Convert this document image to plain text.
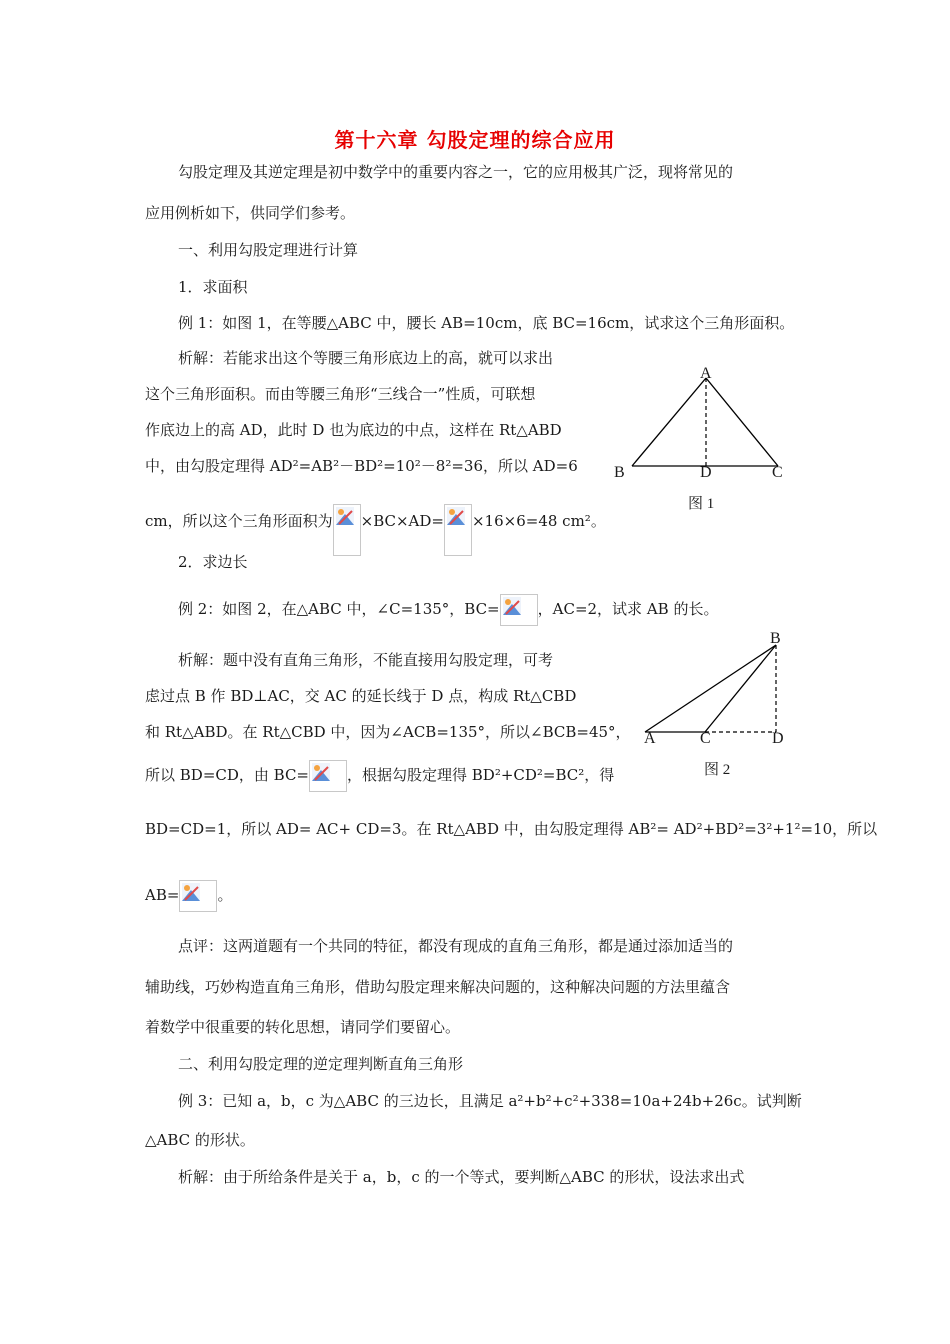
第十六章 勾股定理的综合应用
勾股定理及其逆定理是初中数学中的重要内容之一，它的应用极其广泛，现将常见的
应用例析如下，供同学们参考。
一、利用勾股定理进行计算
1．求面积
例 1：如图 1，在等腰△ABC 中，腰长 AB=10cm，底 BC=16cm，试求这个三角形面积。
析解：若能求出这个等腰三角形底边上的高，就可以求出
这个三角形面积。而由等腰三角形“三线合一”性质，可联想
作底边上的高 AD，此时 D 也为底边的中点，这样在 Rt△ABD
中，由勾股定理得 AD²=AB²－BD²=10²－8²=36，所以 AD=6
cm，所以这个三角形面积为 ×BC×AD= ×16×6=48 cm²。
A
B	D	C
图 1
2．求边长
例 2：如图 2，在△ABC 中，∠C=135°，BC=	，AC=2，试求 AB 的长。
析解：题中没有直角三角形，不能直接用勾股定理，可考
虑过点 B 作 BD⊥AC，交 AC 的延长线于 D 点，构成 Rt△CBD
和 Rt△ABD。在 Rt△CBD 中，因为∠ACB=135°，所以∠BCB=45°，
所以 BD=CD，由 BC=	，根据勾股定理得 BD²+CD²=BC²，得
B
A	C	D
图 2
BD=CD=1，所以 AD= AC+ CD=3。在 Rt△ABD 中，由勾股定理得 AB²= AD²+BD²=3²+1²=10，所以
AB=	。
点评：这两道题有一个共同的特征，都没有现成的直角三角形，都是通过添加适当的
辅助线，巧妙构造直角三角形，借助勾股定理来解决问题的，这种解决问题的方法里蕴含
着数学中很重要的转化思想，请同学们要留心。
二、利用勾股定理的逆定理判断直角三角形
例 3：已知 a，b，c 为△ABC 的三边长，且满足 a²+b²+c²+338=10a+24b+26c。试判断
△ABC 的形状。
析解：由于所给条件是关于 a，b，c 的一个等式，要判断△ABC 的形状，设法求出式
